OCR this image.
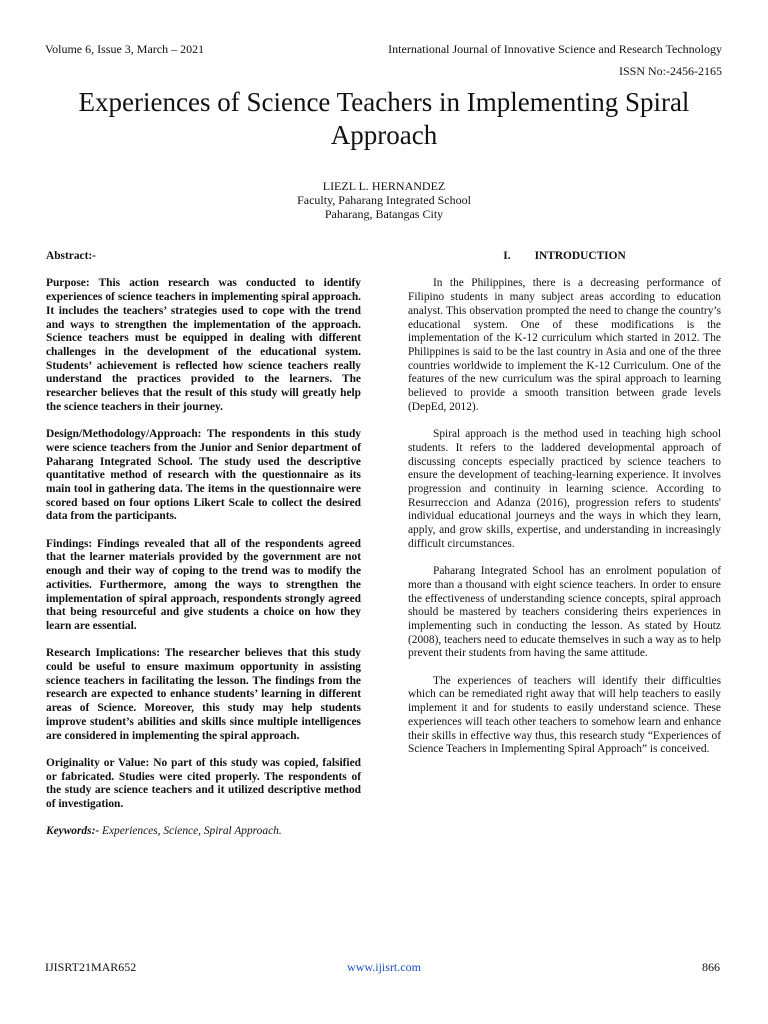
Volume 6, Issue 3, March – 2021	International Journal of Innovative Science and Research Technology
ISSN No:-2456-2165
Experiences of Science Teachers in Implementing Spiral Approach
LIEZL L. HERNANDEZ
Faculty, Paharang Integrated School
Paharang, Batangas City

Abstract:-

Purpose: This action research was conducted to identify experiences of science teachers in implementing spiral approach. It includes the teachers’ strategies used to cope with the trend and ways to strengthen the implementation of the approach. Science teachers must be equipped in dealing with different challenges in the development of the educational system. Students’ achievement is reflected how science teachers really understand the practices provided to the learners. The researcher believes that the result of this study will greatly help the science teachers in their journey.

Design/Methodology/Approach: The respondents in this study were science teachers from the Junior and Senior department of Paharang Integrated School. The study used the descriptive quantitative method of research with the questionnaire as its main tool in gathering data. The items in the questionnaire were scored based on four options Likert Scale to collect the desired data from the participants.

Findings: Findings revealed that all of the respondents agreed that the learner materials provided by the government are not enough and their way of coping to the trend was to modify the activities. Furthermore, among the ways to strengthen the implementation of spiral approach, respondents strongly agreed that being resourceful and give students a choice on how they learn are essential.

Research Implications: The researcher believes that this study could be useful to ensure maximum opportunity in assisting science teachers in facilitating the lesson. The findings from the research are expected to enhance students’ learning in different areas of Science. Moreover, this study may help students improve student’s abilities and skills since multiple intelligences are considered in implementing the spiral approach.

Originality or Value: No part of this study was copied, falsified or fabricated. Studies were cited properly. The respondents of the study are science teachers and it utilized descriptive method of investigation.

Keywords:- Experiences, Science, Spiral Approach.

I. INTRODUCTION

In the Philippines, there is a decreasing performance of Filipino students in many subject areas according to education analyst. This observation prompted the need to change the country’s educational system. One of these modifications is the implementation of the K-12 curriculum which started in 2012. The Philippines is said to be the last country in Asia and one of the three countries worldwide to implement the K-12 Curriculum. One of the features of the new curriculum was the spiral approach to learning believed to provide a smooth transition between grade levels (DepEd, 2012).

Spiral approach is the method used in teaching high school students. It refers to the laddered developmental approach of discussing concepts especially practiced by science teachers to ensure the development of teaching-learning experience. It involves progression and continuity in learning science. According to Resurreccion and Adanza (2016), progression refers to students' individual educational journeys and the ways in which they learn, apply, and grow skills, expertise, and understanding in increasingly difficult circumstances.

Paharang Integrated School has an enrolment population of more than a thousand with eight science teachers. In order to ensure the effectiveness of understanding science concepts, spiral approach should be mastered by teachers considering theirs experiences in implementing such in conducting the lesson. As stated by Houtz (2008), teachers need to educate themselves in such a way as to help prevent their students from having the same attitude.

The experiences of teachers will identify their difficulties which can be remediated right away that will help teachers to easily implement it and for students to easily understand science. These experiences will teach other teachers to somehow learn and enhance their skills in effective way thus, this research study “Experiences of Science Teachers in Implementing Spiral Approach” is conceived.

IJISRT21MAR652	www.ijisrt.com	866
